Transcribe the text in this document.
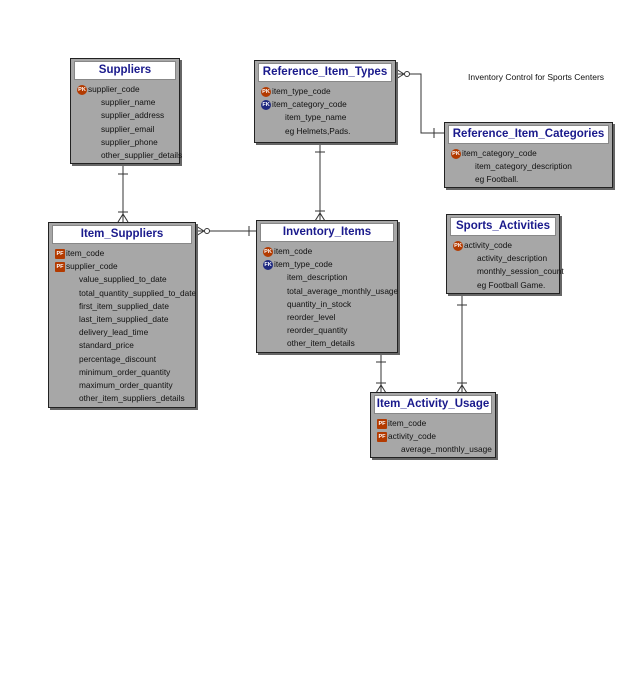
Inventory Control for Sports Centers
Suppliers
PK supplier_code
supplier_name
supplier_address
supplier_email
supplier_phone
other_supplier_details
Reference_Item_Types
PK item_type_code
FK item_category_code
item_type_name
eg Helmets,Pads.	Reference_Item_Categories
PK item_category_code
item_category_description
eg Football.
Item_Suppliers
PF item_code
PF supplier_code
value_supplied_to_date
total_quantity_supplied_to_date
first_item_supplied_date
last_item_supplied_date
delivery_lead_time
standard_price
percentage_discount
minimum_order_quantity
maximum_order_quantity
other_item_suppliers_details
Inventory_Items
PK item_code
FK item_type_code
item_description
total_average_monthly_usage
quantity_in_stock
reorder_level
reorder_quantity
other_item_details
Sports_Activities
PK activity_code
activity_description
monthly_session_count
eg Football Game.
Item_Activity_Usage
PF item_code
PF activity_code
average_monthly_usage
